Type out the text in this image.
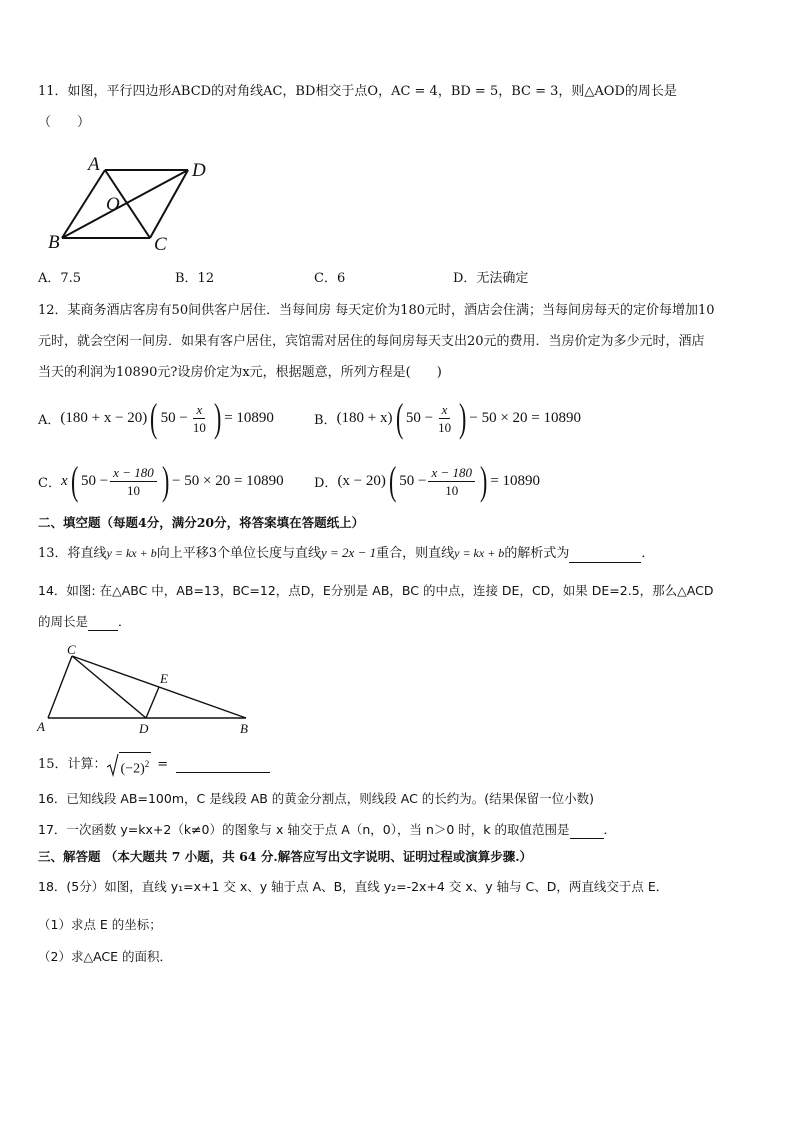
11．如图，平行四边形ABCD的对角线AC，BD相交于点O，AC = 4，BD = 5，BC = 3，则△AOD的周长是
（　　）
A	D
O
B	C
A．7.5	B．12	C．6	D．无法确定
12．某商务酒店客房有50间供客户居住．当每间房 每天定价为180元时，酒店会住满；当每间房每天的定价每增加10
元时，就会空闲一间房．如果有客户居住，宾馆需对居住的每间房每天支出20元的费用．当房价定为多少元时，酒店
当天的利润为10890元?设房价定为x元，根据题意，所列方程是(　　)
A． (180 + x − 20) ( $50 - \frac{x}{10}$ ) = 10890	B． (180 + x) ( $50 - \frac{x}{10}$ ) − 50 × 20 = 10890
C． x ( $50 - \frac{x - 180}{10}$ ) − 50 × 20 = 10890 D． (x − 20) ( $50 - \frac{x - 180}{10}$ ) = 10890
二、填空题（每题4分，满分20分，将答案填在答题纸上）
13．将直线y = kx + b向上平移3个单位长度与直线y = 2x − 1重合，则直线y = kx + b的解析式为	．
14．如图: 在△ABC 中，AB=13，BC=12，点D，E分别是 AB，BC 的中点，连接 DE，CD，如果 DE=2.5，那么△ACD
的周长是 ．
C
E
A	D	B
15．计算： $(-2)^2$ =

16．已知线段 AB=100m，C 是线段 AB 的黄金分割点，则线段 AC 的长约为。(结果保留一位小数)
17．一次函数 y=kx+2（k≠0）的图象与 x 轴交于点 A（n，0），当 n＞0 时，k 的取值范围是	．
三、解答题 （本大题共 7 小题，共 64 分.解答应写出文字说明、证明过程或演算步骤.）
18．(5分）如图，直线 y₁=x+1 交 x、y 轴于点 A、B，直线 y₂=-2x+4 交 x、y 轴与 C、D，两直线交于点 E．
（1）求点 E 的坐标；
（2）求△ACE 的面积．
